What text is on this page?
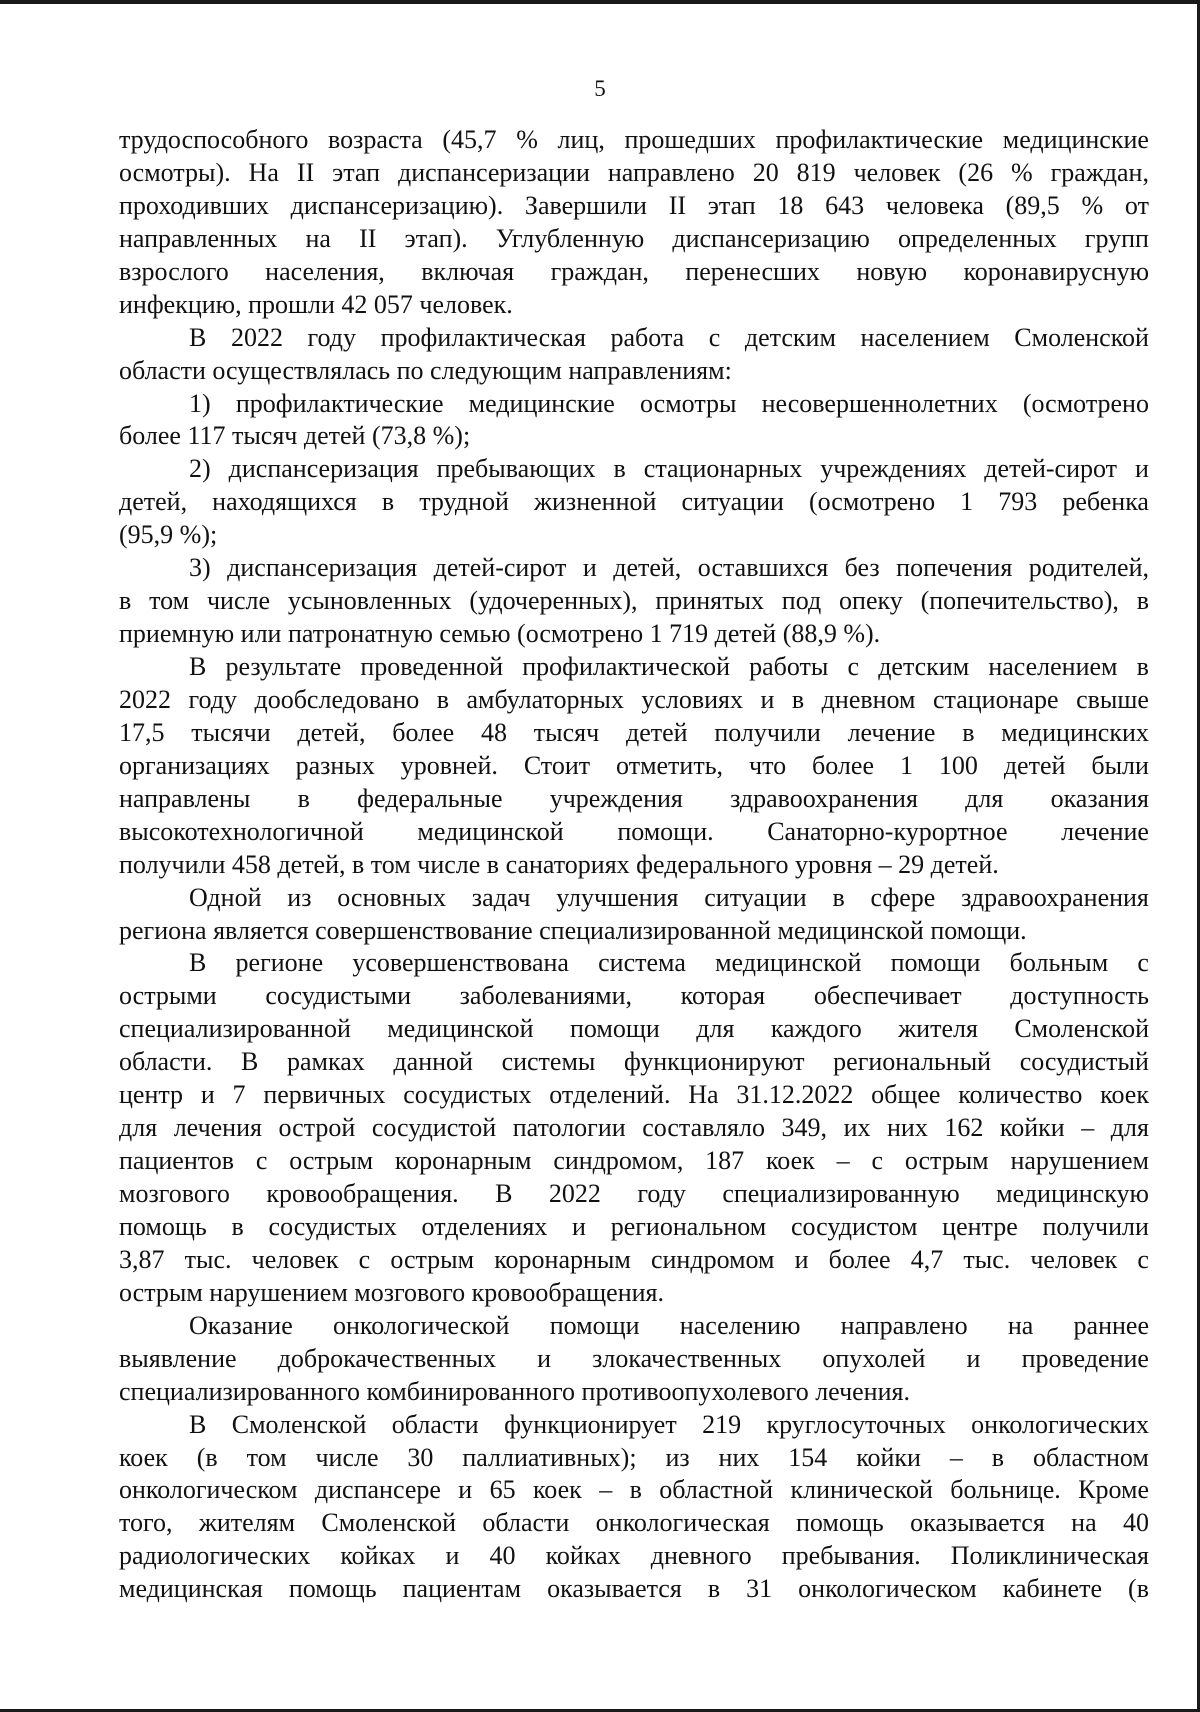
5
трудоспособного возраста (45,7 % лиц, прошедших профилактические медицинские
осмотры). На II этап диспансеризации направлено 20 819 человек (26 % граждан,
проходивших диспансеризацию). Завершили II этап 18 643 человека (89,5 % от
направленных на II этап). Углубленную диспансеризацию определенных групп
взрослого населения, включая граждан, перенесших новую коронавирусную
инфекцию, прошли 42 057 человек.
В 2022 году профилактическая работа с детским населением Смоленской
области осуществлялась по следующим направлениям:
1) профилактические медицинские осмотры несовершеннолетних (осмотрено
более 117 тысяч детей (73,8 %);
2) диспансеризация пребывающих в стационарных учреждениях детей-сирот и
детей, находящихся в трудной жизненной ситуации (осмотрено 1 793 ребенка
(95,9 %);
3) диспансеризация детей-сирот и детей, оставшихся без попечения родителей,
в том числе усыновленных (удочеренных), принятых под опеку (попечительство), в
приемную или патронатную семью (осмотрено 1 719 детей (88,9 %).
В результате проведенной профилактической работы с детским населением в
2022 году дообследовано в амбулаторных условиях и в дневном стационаре свыше
17,5 тысячи детей, более 48 тысяч детей получили лечение в медицинских
организациях разных уровней. Стоит отметить, что более 1 100 детей были
направлены в федеральные учреждения здравоохранения для оказания
высокотехнологичной медицинской помощи. Санаторно-курортное лечение
получили 458 детей, в том числе в санаториях федерального уровня – 29 детей.
Одной из основных задач улучшения ситуации в сфере здравоохранения
региона является совершенствование специализированной медицинской помощи.
В регионе усовершенствована система медицинской помощи больным с
острыми сосудистыми заболеваниями, которая обеспечивает доступность
специализированной медицинской помощи для каждого жителя Смоленской
области. В рамках данной системы функционируют региональный сосудистый
центр и 7 первичных сосудистых отделений. На 31.12.2022 общее количество коек
для лечения острой сосудистой патологии составляло 349, их них 162 койки – для
пациентов с острым коронарным синдромом, 187 коек – с острым нарушением
мозгового кровообращения. В 2022 году специализированную медицинскую
помощь в сосудистых отделениях и региональном сосудистом центре получили
3,87 тыс. человек с острым коронарным синдромом и более 4,7 тыс. человек с
острым нарушением мозгового кровообращения.
Оказание онкологической помощи населению направлено на раннее
выявление доброкачественных и злокачественных опухолей и проведение
специализированного комбинированного противоопухолевого лечения.
В Смоленской области функционирует 219 круглосуточных онкологических
коек (в том числе 30 паллиативных); из них 154 койки – в областном
онкологическом диспансере и 65 коек – в областной клинической больнице. Кроме
того, жителям Смоленской области онкологическая помощь оказывается на 40
радиологических койках и 40 койках дневного пребывания. Поликлиническая
медицинская помощь пациентам оказывается в 31 онкологическом кабинете (в
